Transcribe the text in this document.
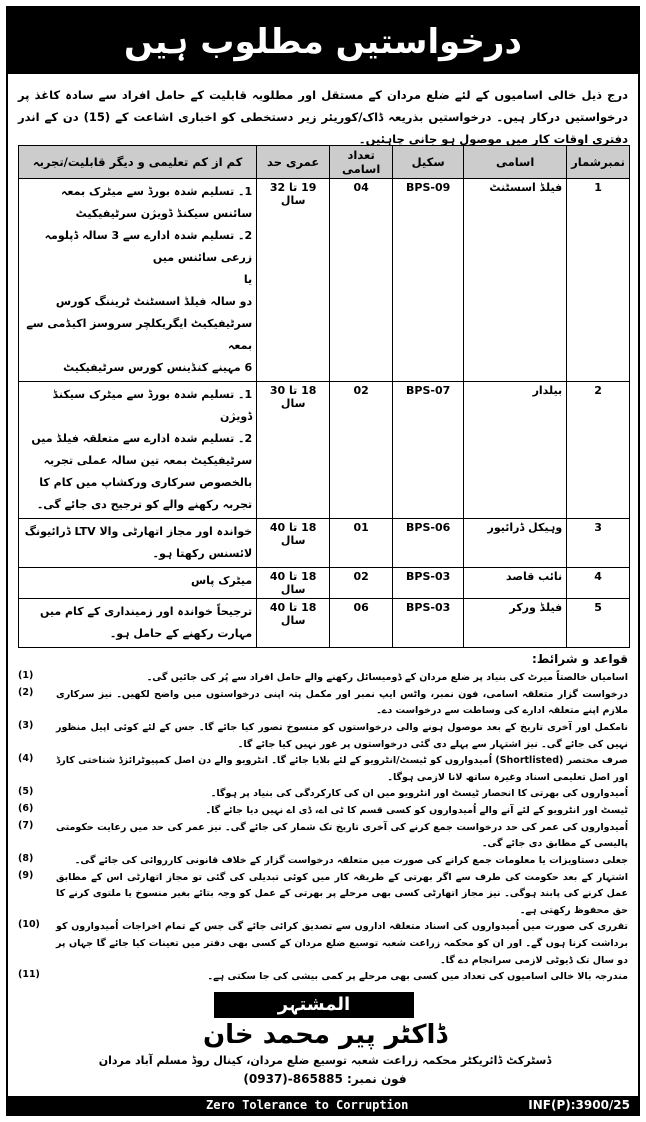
درخواستیں مطلوب ہیں
درج ذیل خالی اسامیوں کے لئے ضلع مردان کے مستقل اور مطلوبہ قابلیت کے حامل افراد سے سادہ کاغذ پر درخواستیں درکار ہیں۔ درخواستیں بذریعہ ڈاک/کوریئر زیر دستخطی کو اخباری اشاعت کے (15) دن کے اندر دفتری اوقات کار میں موصول ہو جانی چاہئیں۔
نمبرشمار	اسامی	سکیل	تعداد اسامی	عمری حد	کم از کم تعلیمی و دیگر قابلیت/تجربہ
1	فیلڈ اسسٹنٹ	BPS-09	04	19 تا 32 سال	1۔ تسلیم شدہ بورڈ سے میٹرک بمعہ سائنس سیکنڈ ڈویژن سرٹیفیکیٹ
2۔ تسلیم شدہ ادارے سے 3 سالہ ڈپلومہ زرعی سائنس میں
یا
دو سالہ فیلڈ اسسٹنٹ ٹریننگ کورس سرٹیفیکیٹ ایگریکلچر سروسز اکیڈمی سے بمعہ
6 مہینے کنڈینس کورس سرٹیفیکیٹ

2	بیلدار	BPS-07	02	18 تا 30 سال	1۔ تسلیم شدہ بورڈ سے میٹرک سیکنڈ ڈویژن
2۔ تسلیم شدہ ادارے سے متعلقہ فیلڈ میں سرٹیفیکیٹ بمعہ تین سالہ عملی تجربہ
بالخصوص سرکاری ورکشاپ میں کام کا تجربہ رکھنے والے کو ترجیح دی جائے گی۔

3	وہیکل ڈرائیور	BPS-06	01	18 تا 40 سال	خواندہ اور مجاز اتھارٹی والا LTV ڈرائیونگ لائسنس رکھتا ہو۔

4	نائب قاصد	BPS-03	02	18 تا 40 سال	میٹرک پاس

5	فیلڈ ورکر	BPS-03	06	18 تا 40 سال	ترجیحاً خواندہ اور زمینداری کے کام میں مہارت رکھنے کے حامل ہو۔
قواعد و شرائط:
اسامیاں خالصتاً میرٹ کی بنیاد پر ضلع مردان کے ڈومیسائل رکھنے والے حامل افراد سے پُر کی جائیں گی۔
(1)
درخواست گزار متعلقہ اسامی، فون نمبر، واٹس ایپ نمبر اور مکمل پتہ اپنی درخواستوں میں واضح لکھیں۔ نیز سرکاری ملازم اپنے متعلقہ ادارے کی وساطت سے درخواست دے۔
(2)
نامکمل اور آخری تاریخ کے بعد موصول ہونے والی درخواستوں کو منسوخ تصور کیا جائے گا۔ جس کے لئے کوئی اپیل منظور نہیں کی جائے گی۔ نیز اشتہار سے پہلے دی گئی درخواستوں پر غور نہیں کیا جائے گا۔
(3)
صرف مختصر (Shortlisted) اُمیدواروں کو ٹیسٹ/انٹرویو کے لئے بلایا جائے گا۔ انٹرویو والے دن اصل کمپیوٹرائزڈ شناختی کارڈ اور اصل تعلیمی اسناد وغیرہ ساتھ لانا لازمی ہوگا۔
(4)
اُمیدواروں کی بھرتی کا انحصار ٹیسٹ اور انٹرویو میں ان کی کارکردگی کی بنیاد پر ہوگا۔
(5)
ٹیسٹ اور انٹرویو کے لئے آنے والے اُمیدواروں کو کسی قسم کا ٹی اے، ڈی اے نہیں دیا جائے گا۔
(6)
اُمیدواروں کی عمر کی حد درخواست جمع کرنے کی آخری تاریخ تک شمار کی جائے گی۔ نیز عمر کی حد میں رعایت حکومتی پالیسی کے مطابق دی جائے گی۔
(7)
جعلی دستاویزات یا معلومات جمع کرانے کی صورت میں متعلقہ درخواست گزار کے خلاف قانونی کارروائی کی جائے گی۔
(8)
اشتہار کے بعد حکومت کی طرف سے اگر بھرتی کے طریقہ کار میں کوئی تبدیلی کی گئی تو مجاز اتھارٹی اس کے مطابق عمل کرنے کی پابند ہوگی۔ نیز مجاز اتھارٹی کسی بھی مرحلے پر بھرتی کے عمل کو وجہ بتائے بغیر منسوخ یا ملتوی کرنے کا حق محفوظ رکھتی ہے۔
(9)
تقرری کی صورت میں اُمیدواروں کی اسناد متعلقہ اداروں سے تصدیق کرائی جائے گی جس کے تمام اخراجات اُمیدواروں کو برداشت کرنا ہوں گے۔ اور ان کو محکمہ زراعت شعبہ توسیع ضلع مردان کے کسی بھی دفتر میں تعینات کیا جائے گا جہاں پر دو سال تک ڈیوٹی لازمی سرانجام دے گا۔
(10)
مندرجہ بالا خالی اسامیوں کی تعداد میں کسی بھی مرحلے پر کمی بیشی کی جا سکتی ہے۔
(11)
المشتہر
ڈاکٹر پیر محمد خان
ڈسٹرکٹ ڈائریکٹر محکمہ زراعت شعبہ توسیع ضلع مردان، کینال روڈ مسلم آباد مردان
فون نمبر: 865885-(0937)
Zero Tolerance to Corruption	INF(P):3900/25
